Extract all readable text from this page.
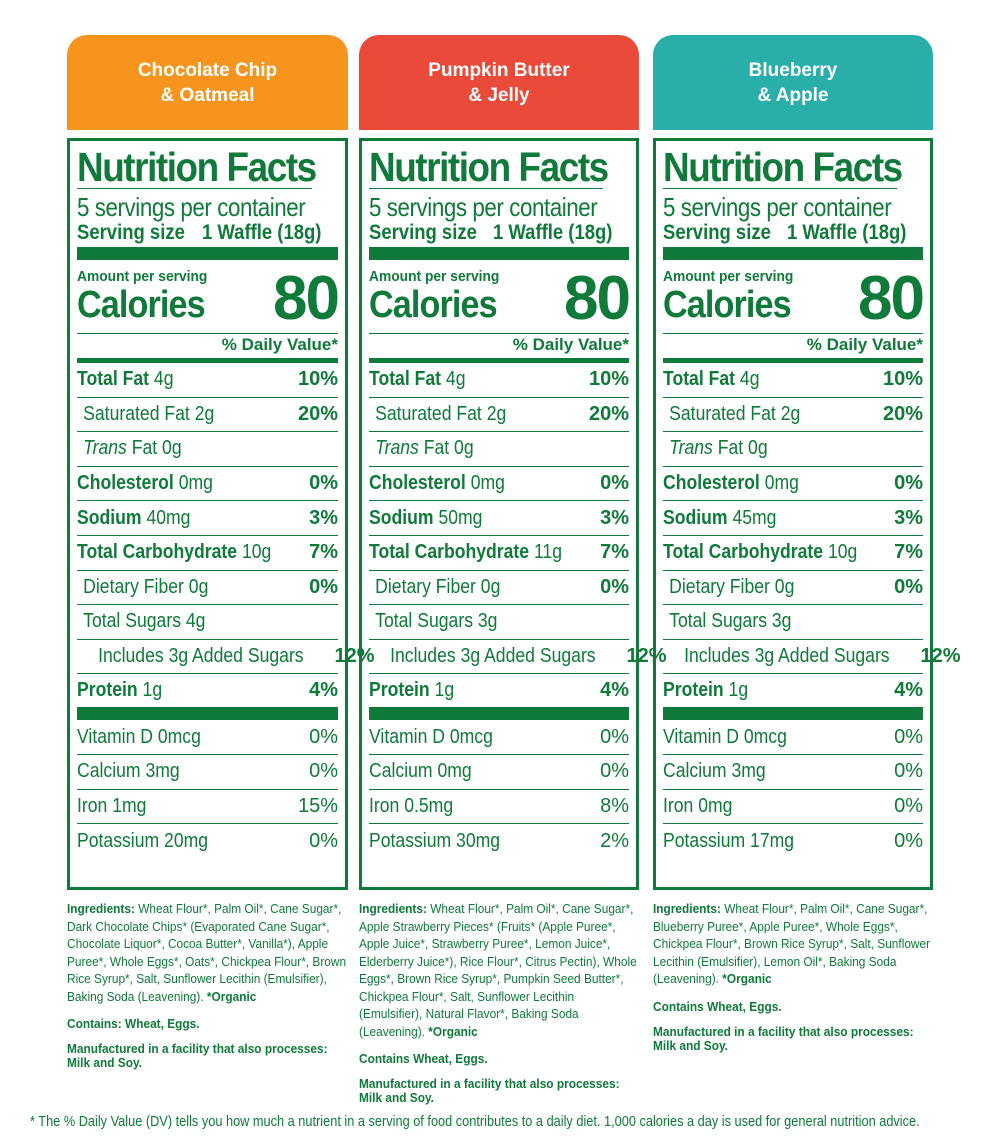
Chocolate Chip
& Oatmeal
Nutrition Facts
5 servings per container
Serving size 1 Waffle (18g)
Amount per serving
Calories 80
% Daily Value*
Total Fat 4g	10%
Saturated Fat 2g	20%
Trans Fat 0g
Cholesterol 0mg	0%
Sodium 40mg	3%
Total Carbohydrate 10g 7%
Dietary Fiber 0g	0%
Total Sugars 4g
Includes 3g Added Sugars 12%
Protein 1g	4%
Vitamin D 0mcg	0%
Calcium 3mg	0%
Iron 1mg	15%
Potassium 20mg	0%
Ingredients: Wheat Flour*, Palm Oil*, Cane Sugar*, Dark Chocolate Chips* (Evaporated Cane Sugar*, Chocolate Liquor*, Cocoa Butter*, Vanilla*), Apple Puree*, Whole Eggs*, Oats*, Chickpea Flour*, Brown Rice Syrup*, Salt, Sunflower Lecithin (Emulsifier), Baking Soda (Leavening). *Organic
Contains: Wheat, Eggs.
Manufactured in a facility that also processes: Milk and Soy.
Pumpkin Butter
& Jelly
Nutrition Facts
5 servings per container
Serving size 1 Waffle (18g)
Amount per serving
Calories 80
% Daily Value*
Total Fat 4g	10%
Saturated Fat 2g	20%
Trans Fat 0g
Cholesterol 0mg	0%
Sodium 50mg	3%
Total Carbohydrate 11g 7%
Dietary Fiber 0g	0%
Total Sugars 3g
Includes 3g Added Sugars 12%
Protein 1g	4%
Vitamin D 0mcg	0%
Calcium 0mg	0%
Iron 0.5mg	8%
Potassium 30mg	2%
Ingredients: Wheat Flour*, Palm Oil*, Cane Sugar*, Apple Strawberry Pieces* (Fruits* (Apple Puree*, Apple Juice*, Strawberry Puree*, Lemon Juice*, Elderberry Juice*), Rice Flour*, Citrus Pectin), Whole Eggs*, Brown Rice Syrup*, Pumpkin Seed Butter*, Chickpea Flour*, Salt, Sunflower Lecithin (Emulsifier), Natural Flavor*, Baking Soda (Leavening). *Organic
Contains Wheat, Eggs.
Manufactured in a facility that also processes: Milk and Soy.
Blueberry
& Apple
Nutrition Facts
5 servings per container
Serving size 1 Waffle (18g)
Amount per serving
Calories 80
% Daily Value*
Total Fat 4g	10%
Saturated Fat 2g	20%
Trans Fat 0g
Cholesterol 0mg	0%
Sodium 45mg	3%
Total Carbohydrate 10g 7%
Dietary Fiber 0g	0%
Total Sugars 3g
Includes 3g Added Sugars 12%
Protein 1g	4%
Vitamin D 0mcg	0%
Calcium 3mg	0%
Iron 0mg	0%
Potassium 17mg	0%
Ingredients: Wheat Flour*, Palm Oil*, Cane Sugar*, Blueberry Puree*, Apple Puree*, Whole Eggs*, Chickpea Flour*, Brown Rice Syrup*, Salt, Sunflower Lecithin (Emulsifier), Lemon Oil*, Baking Soda (Leavening). *Organic
Contains Wheat, Eggs.
Manufactured in a facility that also processes: Milk and Soy.
* The % Daily Value (DV) tells you how much a nutrient in a serving of food contributes to a daily diet. 1,000 calories a day is used for general nutrition advice.
